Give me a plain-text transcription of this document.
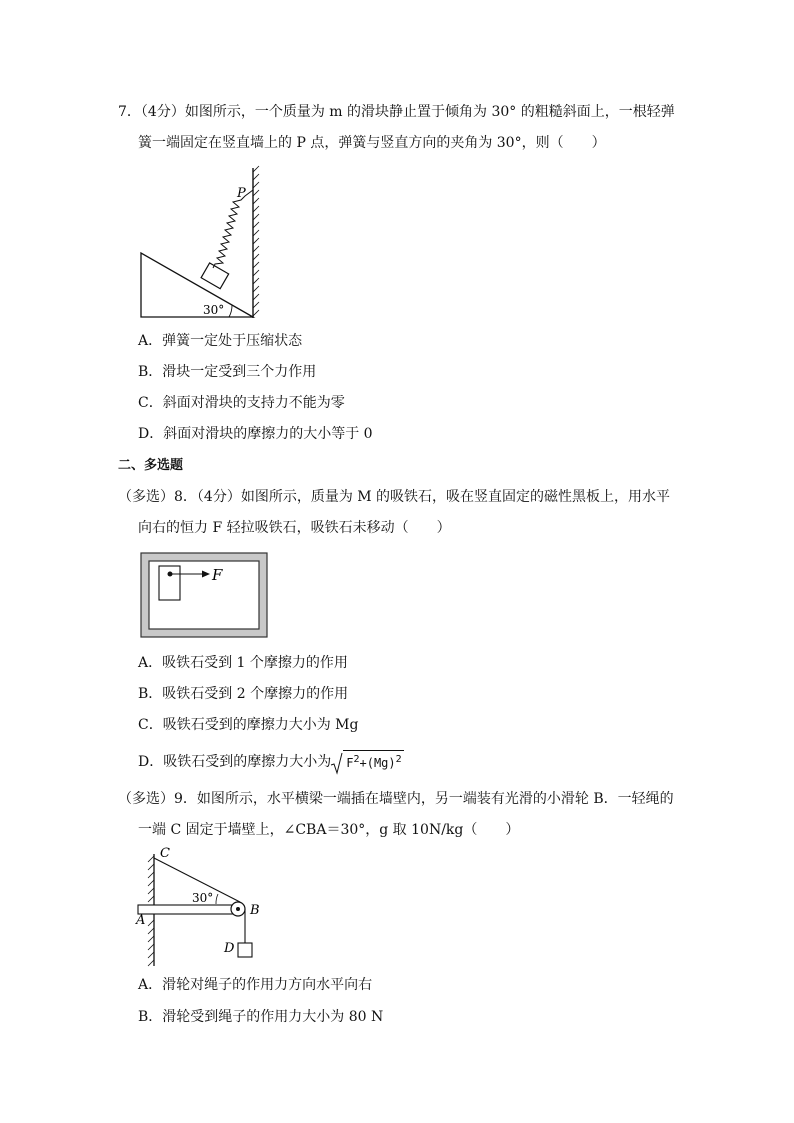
7．（4分）如图所示，一个质量为 m 的滑块静止置于倾角为 30° 的粗糙斜面上，一根轻弹
簧一端固定在竖直墙上的 P 点，弹簧与竖直方向的夹角为 30°，则（　　）
P
30°
A．弹簧一定处于压缩状态
B．滑块一定受到三个力作用
C．斜面对滑块的支持力不能为零
D．斜面对滑块的摩擦力的大小等于 0
二、多选题
（多选）8．（4分）如图所示，质量为 M 的吸铁石，吸在竖直固定的磁性黑板上，用水平
向右的恒力 F 轻拉吸铁石，吸铁石未移动（　　）
F
A．吸铁石受到 1 个摩擦力的作用
B．吸铁石受到 2 个摩擦力的作用
C．吸铁石受到的摩擦力大小为 Mg
D．吸铁石受到的摩擦力大小为 $F^2+(Mg)^2$
（多选）9．如图所示，水平横梁一端插在墙壁内，另一端装有光滑的小滑轮 B．一轻绳的
一端 C 固定于墙壁上，∠CBA＝30°，g 取 10N/kg（　　）
C
30°
B
A
D
A．滑轮对绳子的作用力方向水平向右
B．滑轮受到绳子的作用力大小为 80 N
